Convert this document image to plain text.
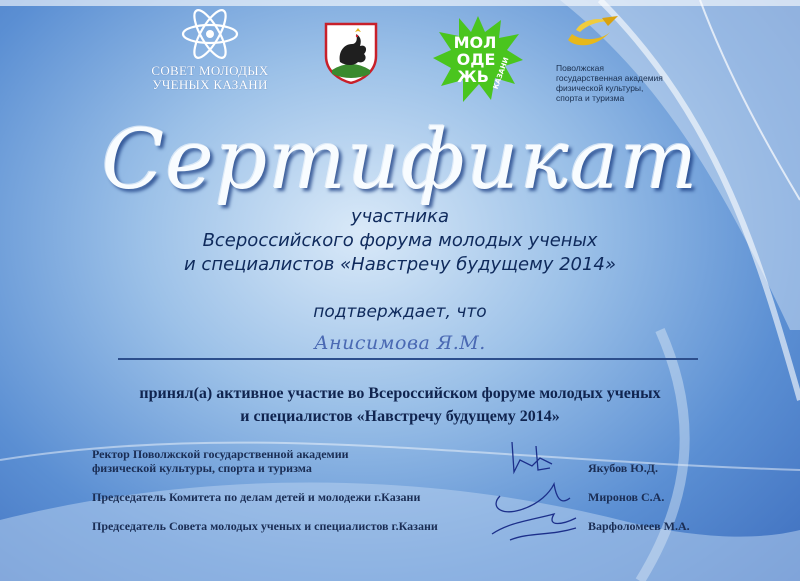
СОВЕТ МОЛОДЫХ
УЧЕНЫХ КАЗАНИ
МОЛ
ОДЕ
ЖЬ КАЗАНИ	Поволжская
государственная академия
физической культуры,
спорта и туризма
Сертификат
участника
Всероссийского форума молодых ученых
и специалистов «Навстречу будущему 2014»
подтверждает, что
Анисимова Я.М.
принял(а) активное участие во Всероссийском форуме молодых ученых
и специалистов «Навстречу будущему 2014»
Ректор Поволжской государственной академии
физической культуры, спорта и туризма
Председатель Комитета по делам детей и молодежи г.Казани
Председатель Совета молодых ученых и специалистов г.Казани
Якубов Ю.Д.
Миронов С.А.
Варфоломеев М.А.
